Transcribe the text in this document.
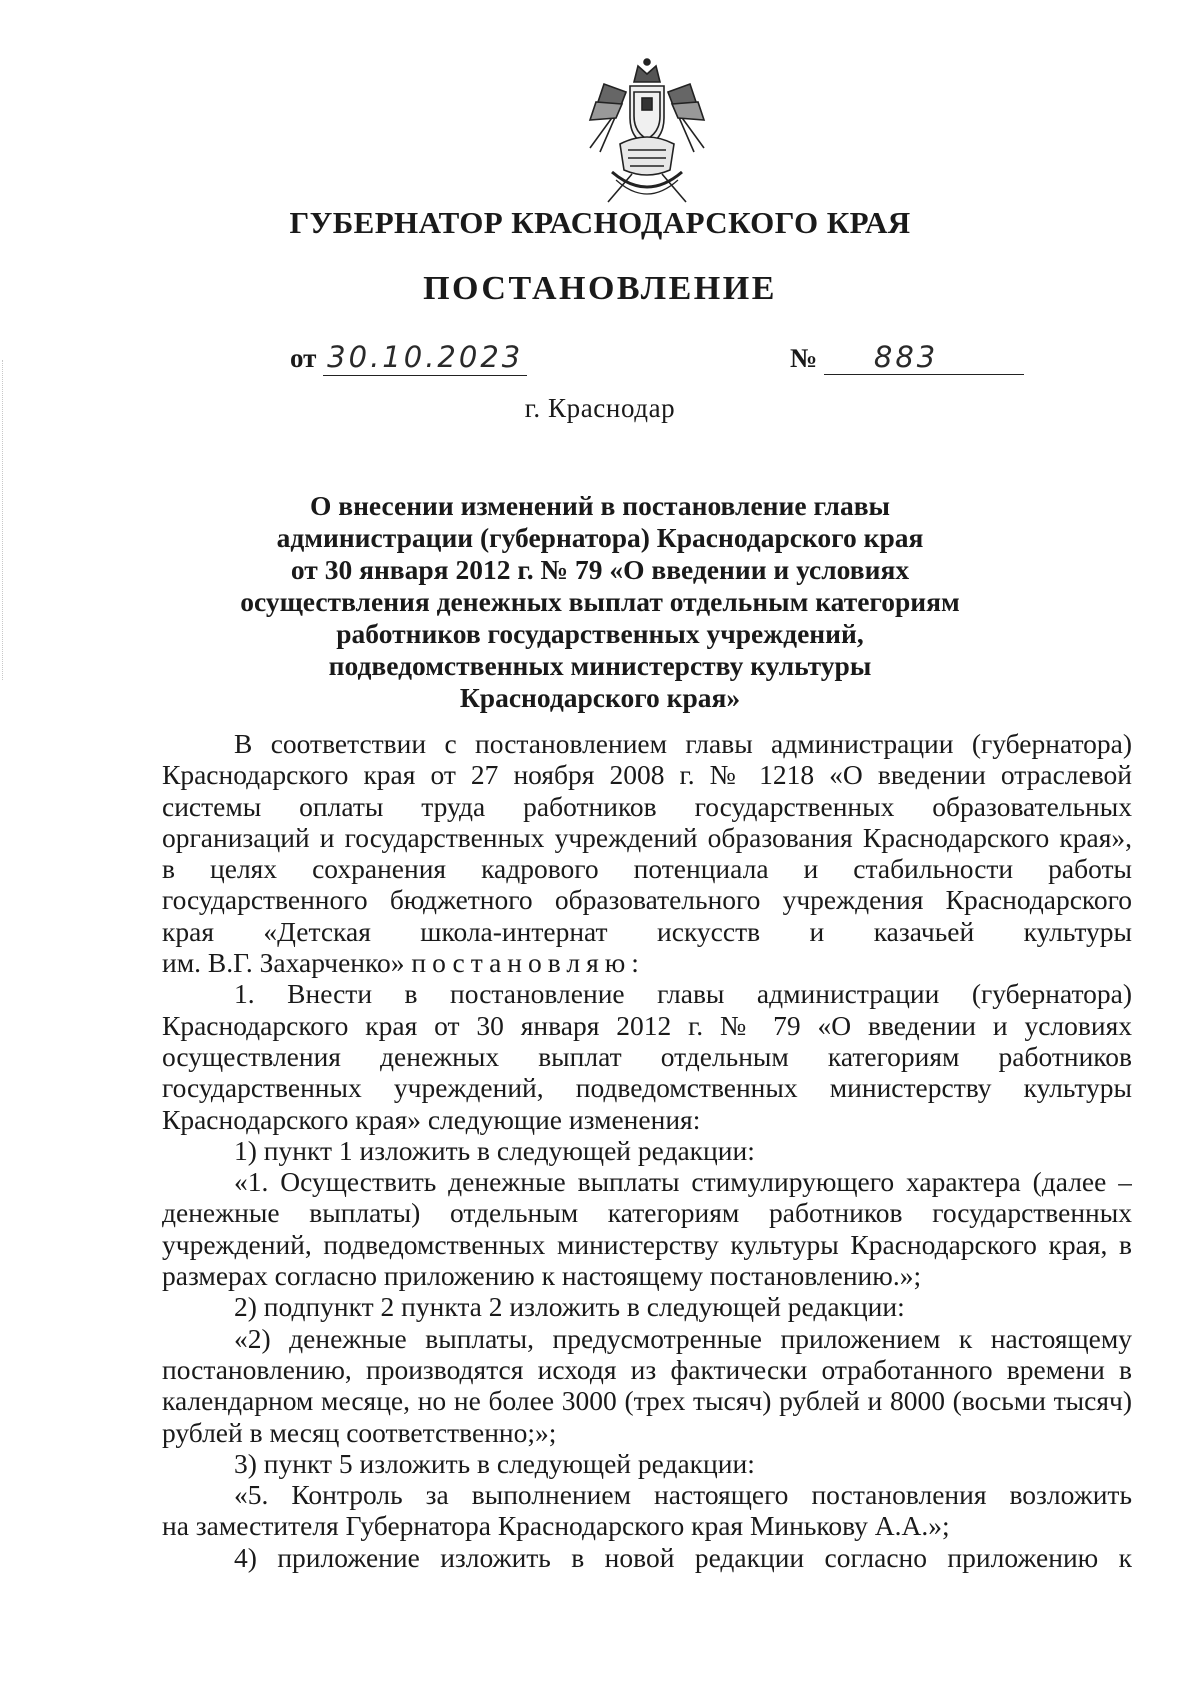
ГУБЕРНАТОР КРАСНОДАРСКОГО КРАЯ
ПОСТАНОВЛЕНИЕ
от 30.10.2023	№ 883
г. Краснодар
О внесении изменений в постановление главы
администрации (губернатора) Краснодарского края
от 30 января 2012 г. № 79 «О введении и условиях
осуществления денежных выплат отдельным категориям
работников государственных учреждений,
подведомственных министерству культуры
Краснодарского края»
В соответствии с постановлением главы администрации (губернатора)
Краснодарского края от 27 ноября 2008 г. № 1218 «О введении отраслевой
системы оплаты труда работников государственных образовательных
организаций и государственных учреждений образования Краснодарского края»,
в целях сохранения кадрового потенциала и стабильности работы
государственного бюджетного образовательного учреждения Краснодарского
края «Детская школа-интернат искусств и казачьей культуры
им. В.Г. Захарченко» постановляю:
1. Внести в постановление главы администрации (губернатора)
Краснодарского края от 30 января 2012 г. № 79 «О введении и условиях
осуществления денежных выплат отдельным категориям работников
государственных учреждений, подведомственных министерству культуры
Краснодарского края» следующие изменения:
1) пункт 1 изложить в следующей редакции:
«1. Осуществить денежные выплаты стимулирующего характера (далее –
денежные выплаты) отдельным категориям работников государственных
учреждений, подведомственных министерству культуры Краснодарского края, в
размерах согласно приложению к настоящему постановлению.»;
2) подпункт 2 пункта 2 изложить в следующей редакции:
«2) денежные выплаты, предусмотренные приложением к настоящему
постановлению, производятся исходя из фактически отработанного времени в
календарном месяце, но не более 3000 (трех тысяч) рублей и 8000 (восьми тысяч)
рублей в месяц соответственно;»;
3) пункт 5 изложить в следующей редакции:
«5. Контроль за выполнением настоящего постановления возложить
на заместителя Губернатора Краснодарского края Минькову А.А.»;
4) приложение изложить в новой редакции согласно приложению к
